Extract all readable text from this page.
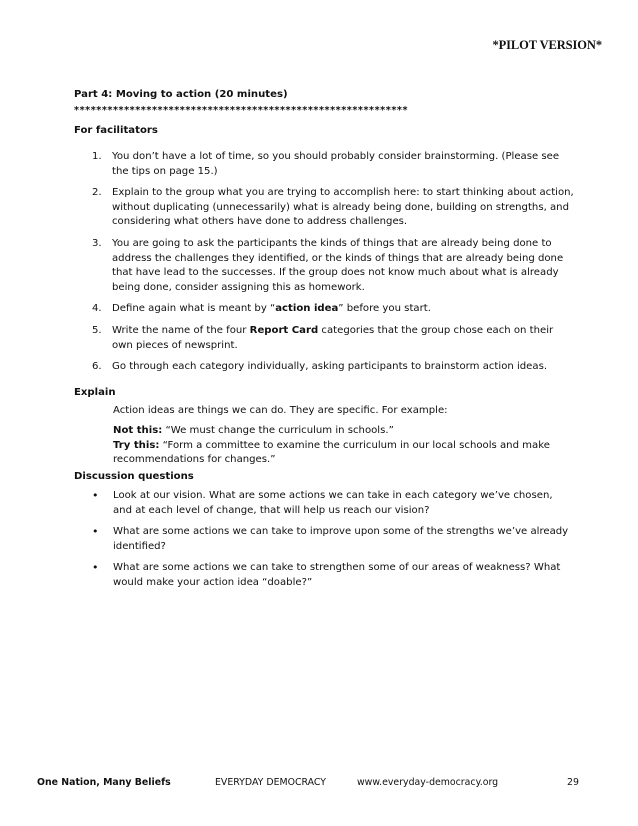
*PILOT VERSION*
Part 4: Moving to action (20 minutes)
************************************************************
For facilitators
1. You don’t have a lot of time, so you should probably consider brainstorming. (Please see the tips on page 15.)
2. Explain to the group what you are trying to accomplish here: to start thinking about action, without duplicating (unnecessarily) what is already being done, building on strengths, and considering what others have done to address challenges.
3. You are going to ask the participants the kinds of things that are already being done to address the challenges they identified, or the kinds of things that are already being done that have lead to the successes. If the group does not know much about what is already being done, consider assigning this as homework.
4. Define again what is meant by “action idea” before you start.
5. Write the name of the four Report Card categories that the group chose each on their own pieces of newsprint.
6. Go through each category individually, asking participants to brainstorm action ideas.
Explain
Action ideas are things we can do. They are specific. For example:
Not this: “We must change the curriculum in schools.”
Try this: “Form a committee to examine the curriculum in our local schools and make recommendations for changes.”
Discussion questions
• Look at our vision. What are some actions we can take in each category we’ve chosen, and at each level of change, that will help us reach our vision?
• What are some actions we can take to improve upon some of the strengths we’ve already identified?
• What are some actions we can take to strengthen some of our areas of weakness? What would make your action idea “doable?”
One Nation, Many Beliefs	EVERYDAY DEMOCRACY	www.everyday-democracy.org	29
